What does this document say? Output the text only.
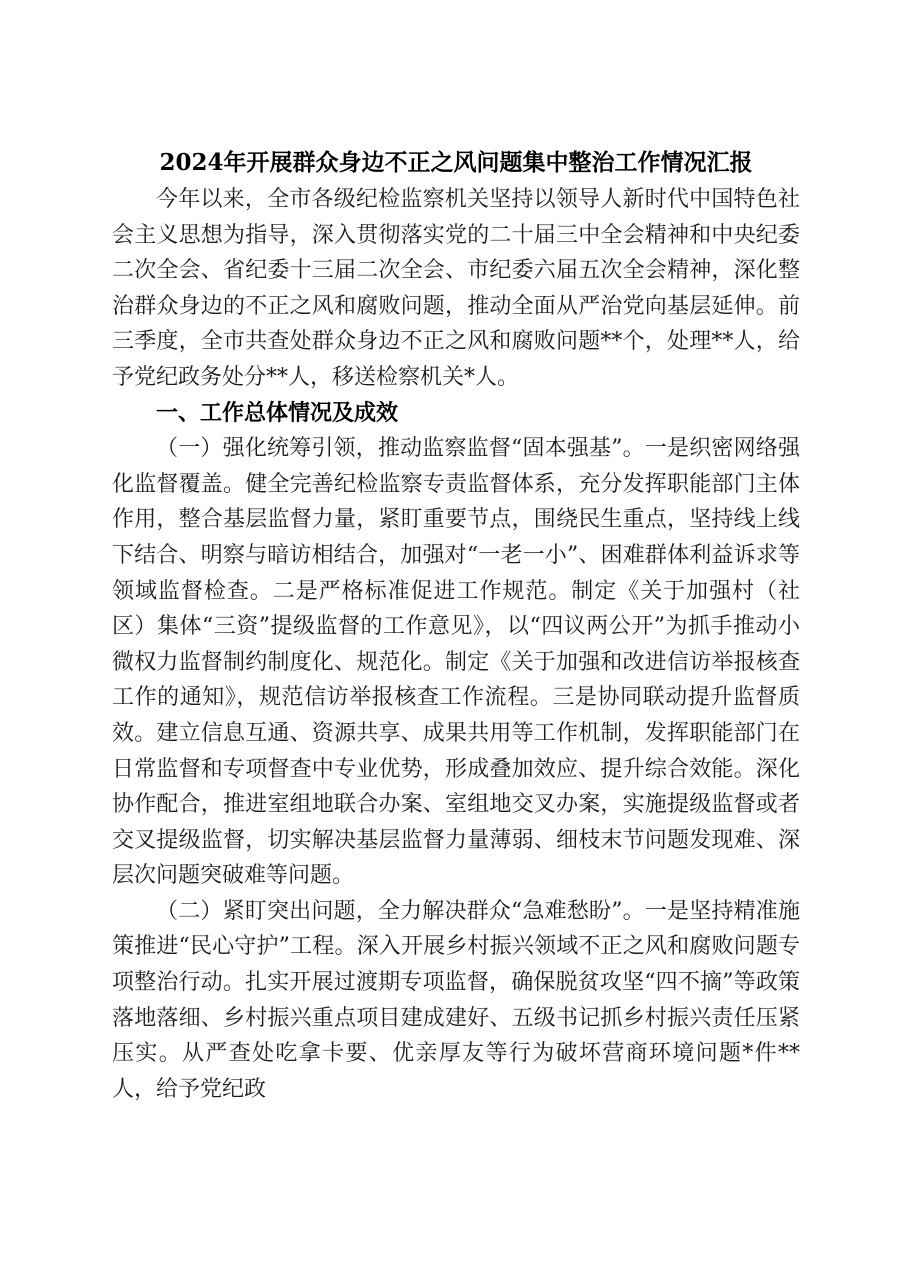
2024年开展群众身边不正之风问题集中整治工作情况汇报

今年以来，全市各级纪检监察机关坚持以领导人新时代中国特色社会主义思想为指导，深入贯彻落实党的二十届三中全会精神和中央纪委二次全会、省纪委十三届二次全会、市纪委六届五次全会精神，深化整治群众身边的不正之风和腐败问题，推动全面从严治党向基层延伸。前三季度，全市共查处群众身边不正之风和腐败问题**个，处理**人，给予党纪政务处分**人，移送检察机关*人。

一、工作总体情况及成效

（一）强化统筹引领，推动监察监督“固本强基”。一是织密网络强化监督覆盖。健全完善纪检监察专责监督体系，充分发挥职能部门主体作用，整合基层监督力量，紧盯重要节点，围绕民生重点，坚持线上线下结合、明察与暗访相结合，加强对“一老一小”、困难群体利益诉求等领域监督检查。二是严格标准促进工作规范。制定《关于加强村（社区）集体“三资”提级监督的工作意见》，以“四议两公开”为抓手推动小微权力监督制约制度化、规范化。制定《关于加强和改进信访举报核查工作的通知》，规范信访举报核查工作流程。三是协同联动提升监督质效。建立信息互通、资源共享、成果共用等工作机制，发挥职能部门在日常监督和专项督查中专业优势，形成叠加效应、提升综合效能。深化协作配合，推进室组地联合办案、室组地交叉办案，实施提级监督或者交叉提级监督，切实解决基层监督力量薄弱、细枝末节问题发现难、深层次问题突破难等问题。

（二）紧盯突出问题，全力解决群众“急难愁盼”。一是坚持精准施策推进“民心守护”工程。深入开展乡村振兴领域不正之风和腐败问题专项整治行动。扎实开展过渡期专项监督，确保脱贫攻坚“四不摘”等政策落地落细、乡村振兴重点项目建成建好、五级书记抓乡村振兴责任压紧压实。从严查处吃拿卡要、优亲厚友等行为破坏营商环境问题*件**人，给予党纪政
